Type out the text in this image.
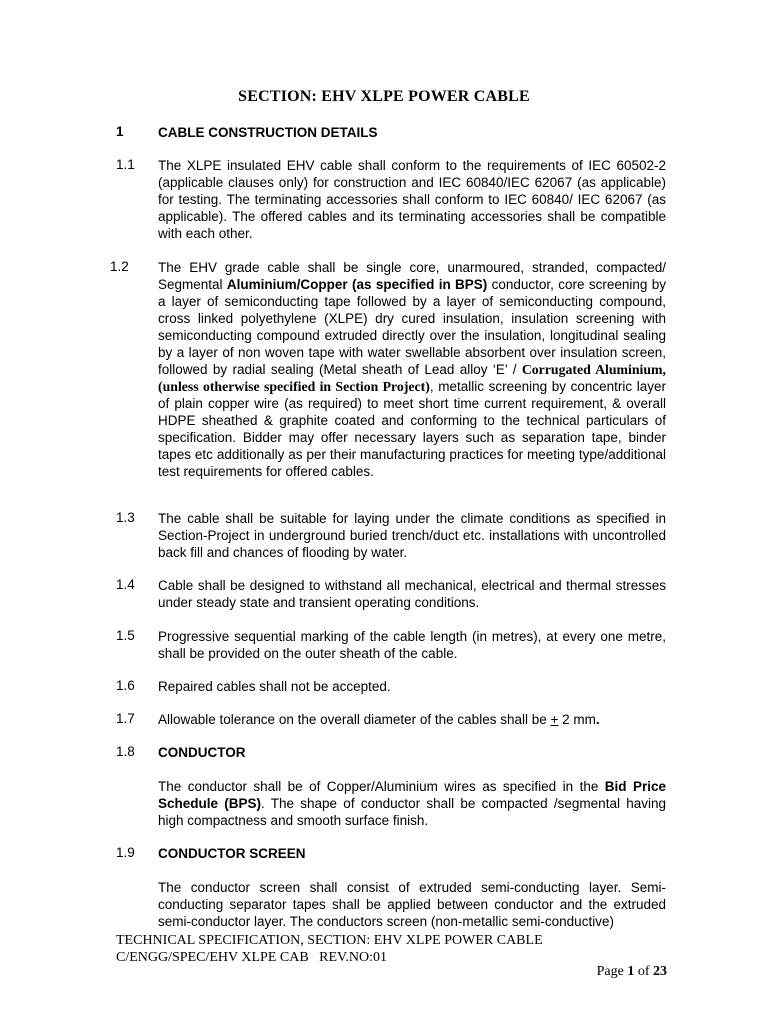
SECTION: EHV XLPE POWER CABLE
1	CABLE CONSTRUCTION DETAILS
1.1 The XLPE insulated EHV cable shall conform to the requirements of IEC 60502-2 (applicable clauses only) for construction and IEC 60840/IEC 62067 (as applicable) for testing. The terminating accessories shall conform to IEC 60840/ IEC 62067 (as applicable). The offered cables and its terminating accessories shall be compatible with each other.
1.2 The EHV grade cable shall be single core, unarmoured, stranded, compacted/ Segmental Aluminium/Copper (as specified in BPS) conductor, core screening by a layer of semiconducting tape followed by a layer of semiconducting compound, cross linked polyethylene (XLPE) dry cured insulation, insulation screening with semiconducting compound extruded directly over the insulation, longitudinal sealing by a layer of non woven tape with water swellable absorbent over insulation screen, followed by radial sealing (Metal sheath of Lead alloy ‘E’ / Corrugated Aluminium, (unless otherwise specified in Section Project), metallic screening by concentric layer of plain copper wire (as required) to meet short time current requirement, & overall HDPE sheathed & graphite coated and conforming to the technical particulars of specification. Bidder may offer necessary layers such as separation tape, binder tapes etc additionally as per their manufacturing practices for meeting type/additional test requirements for offered cables.
1.3 The cable shall be suitable for laying under the climate conditions as specified in Section-Project in underground buried trench/duct etc. installations with uncontrolled back fill and chances of flooding by water.
1.4 Cable shall be designed to withstand all mechanical, electrical and thermal stresses under steady state and transient operating conditions.
1.5 Progressive sequential marking of the cable length (in metres), at every one metre, shall be provided on the outer sheath of the cable.
1.6 Repaired cables shall not be accepted.
1.7 Allowable tolerance on the overall diameter of the cables shall be + 2 mm.
1.8 CONDUCTOR
The conductor shall be of Copper/Aluminium wires as specified in the Bid Price Schedule (BPS). The shape of conductor shall be compacted /segmental having high compactness and smooth surface finish.
1.9 CONDUCTOR SCREEN
The conductor screen shall consist of extruded semi-conducting layer. Semi-conducting separator tapes shall be applied between conductor and the extruded semi-conductor layer. The conductors screen (non-metallic semi-conductive)
TECHNICAL SPECIFICATION, SECTION: EHV XLPE POWER CABLE
C/ENGG/SPEC/EHV XLPE CAB   REV.NO:01
Page 1 of 23
